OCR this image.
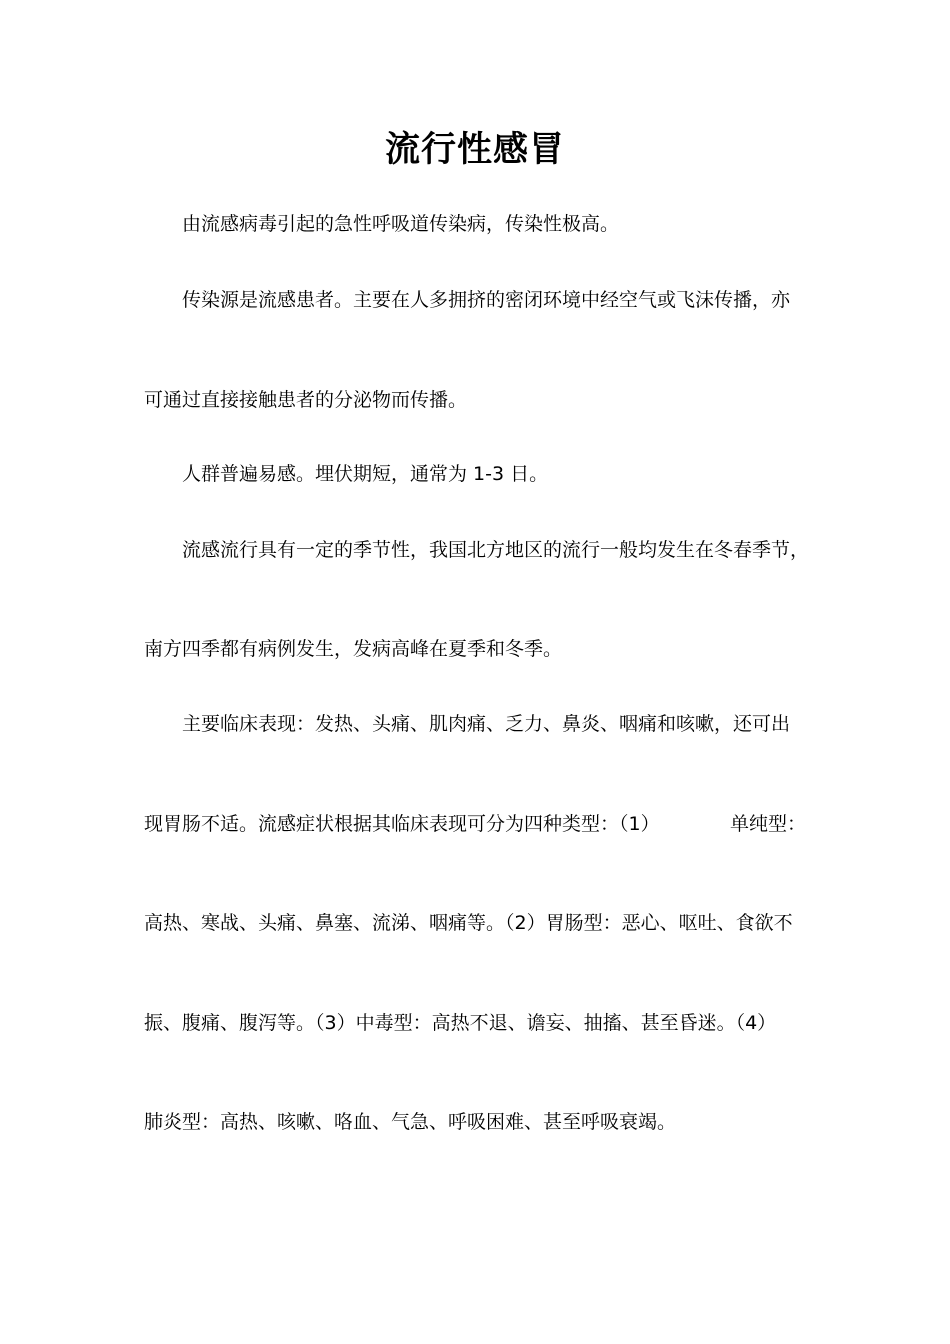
流行性感冒
由流感病毒引起的急性呼吸道传染病，传染性极高。
传染源是流感患者。主要在人多拥挤的密闭环境中经空气或飞沫传播，亦
可通过直接接触患者的分泌物而传播。
人群普遍易感。埋伏期短，通常为 1-3 日。
流感流行具有一定的季节性，我国北方地区的流行一般均发生在冬春季节，
南方四季都有病例发生，发病高峰在夏季和冬季。
主要临床表现：发热、头痛、肌肉痛、乏力、鼻炎、咽痛和咳嗽，还可出
现胃肠不适。流感症状根据其临床表现可分为四种类型：（1）	单纯型：
高热、寒战、头痛、鼻塞、流涕、咽痛等。（2）胃肠型：恶心、呕吐、食欲不
振、腹痛、腹泻等。（3）中毒型：高热不退、谵妄、抽搐、甚至昏迷。（4）
肺炎型：高热、咳嗽、咯血、气急、呼吸困难、甚至呼吸衰竭。
